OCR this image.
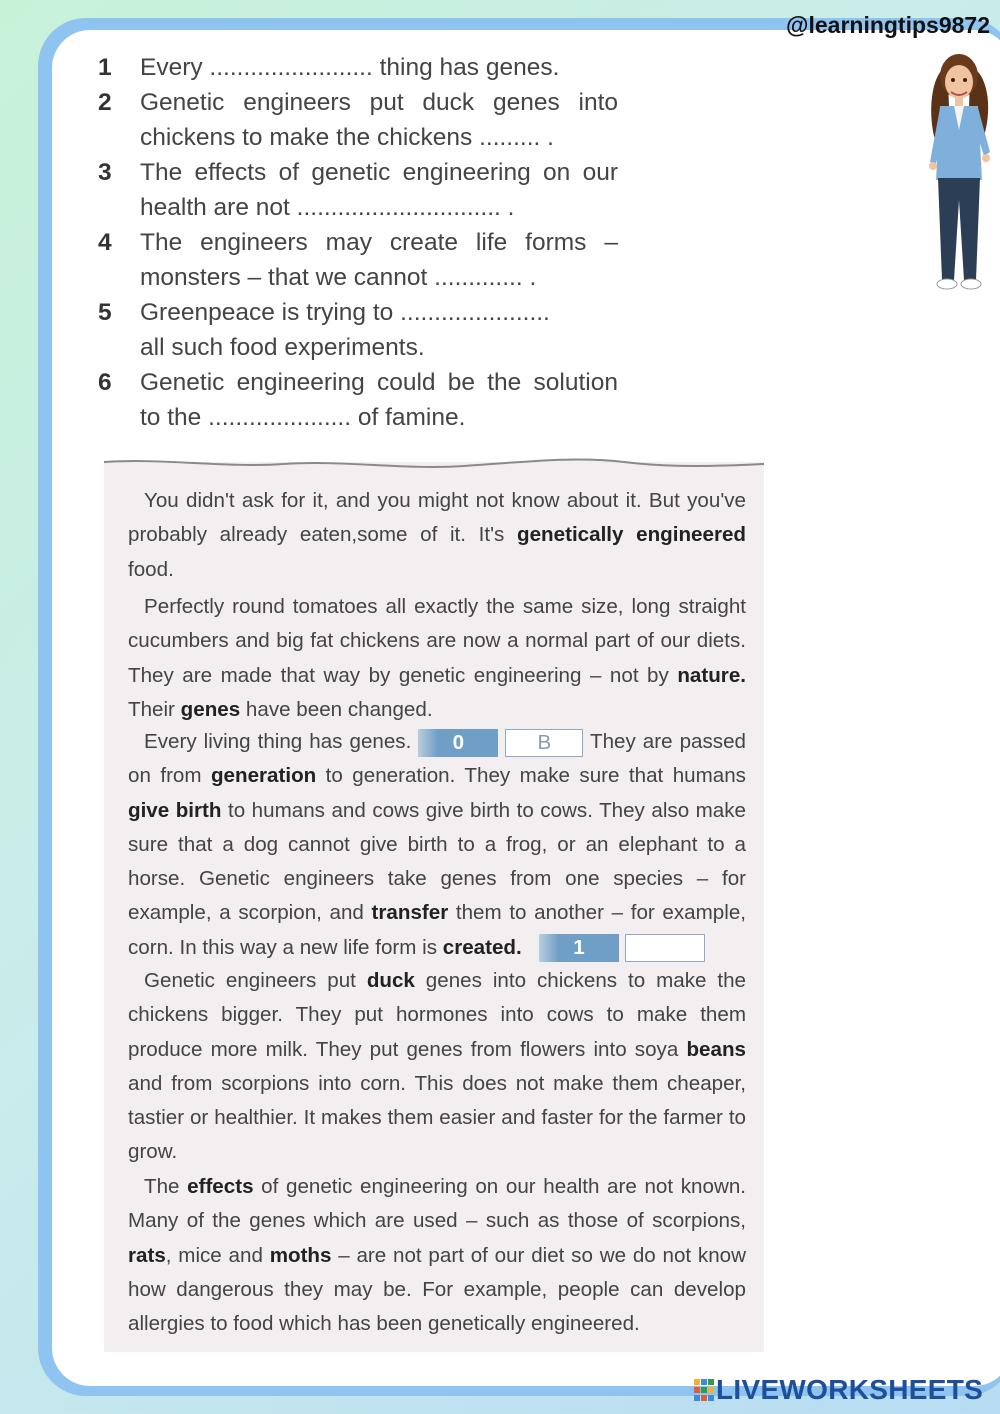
@learningtips9872
1 Every ........................ thing has genes.
2 Genetic engineers put duck genes into chickens to make the chickens ......... .
3 The effects of genetic engineering on our health are not .............................. .
4 The engineers may create life forms – monsters – that we cannot ............. .
5 Greenpeace is trying to ......................
all such food experiments.
6 Genetic engineering could be the solution to the ..................... of famine.
You didn't ask for it, and you might not know about it. But you've probably already eaten,some of it. It's genetically engineered food.
Perfectly round tomatoes all exactly the same size, long straight cucumbers and big fat chickens are now a normal part of our diets. They are made that way by genetic engineering – not by nature. Their genes have been changed.
Every living thing has genes. 0	B They are passed on from generation to generation. They make sure that humans give birth to humans and cows give birth to cows. They also make sure that a dog cannot give birth to a frog, or an elephant to a horse. Genetic engineers take genes from one species – for example, a scorpion, and transfer them to another – for example, corn. In this way a new life form is created. 1
Genetic engineers put duck genes into chickens to make the chickens bigger. They put hormones into cows to make them produce more milk. They put genes from flowers into soya beans and from scorpions into corn. This does not make them cheaper, tastier or healthier. It makes them easier and faster for the farmer to grow.
The effects of genetic engineering on our health are not known. Many of the genes which are used – such as those of scorpions, rats, mice and moths – are not part of our diet so we do not know how dangerous they may be. For example, people can develop allergies to food which has been genetically engineered.
LIVEWORKSHEETS
